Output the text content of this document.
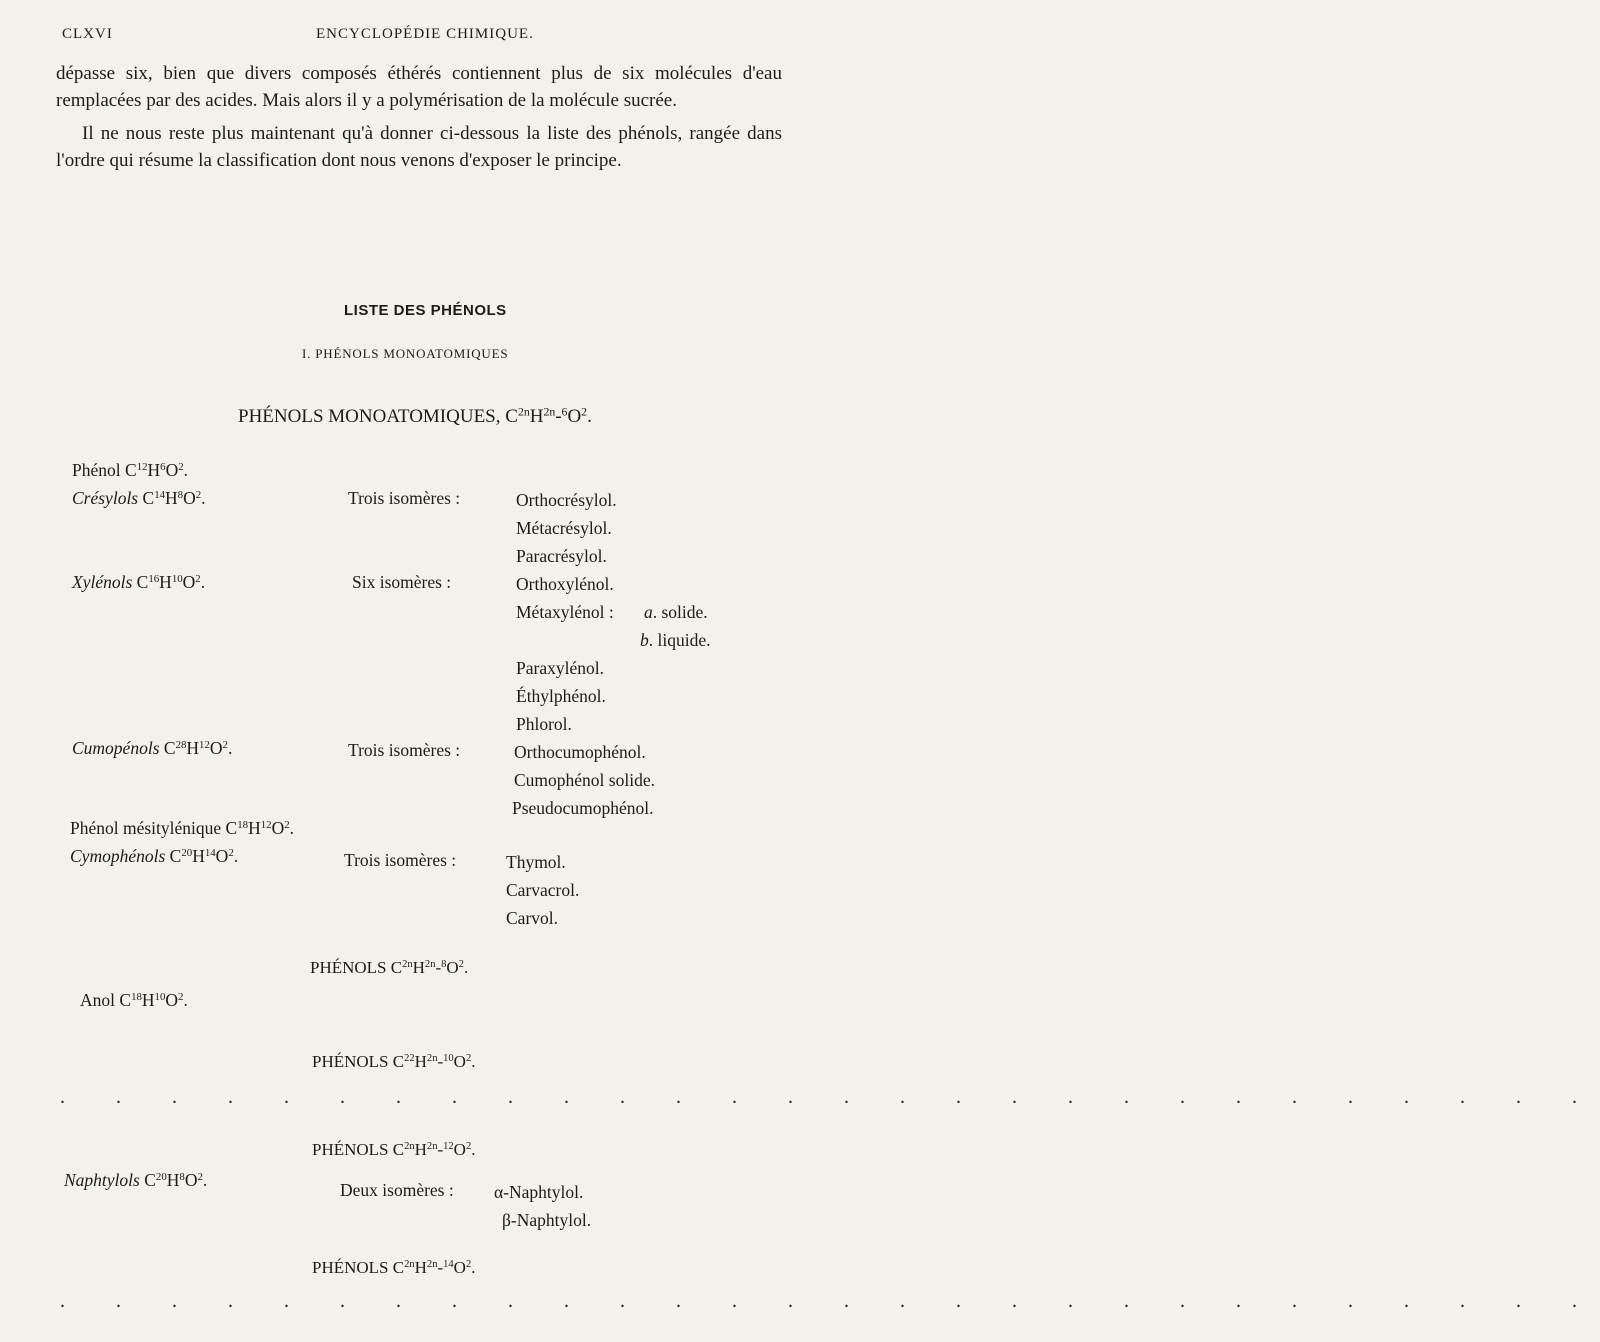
CLXVI	ENCYCLOPÉDIE CHIMIQUE.

dépasse six, bien que divers composés éthérés contiennent plus de six molécules d'eau remplacées par des acides. Mais alors il y a polymérisation de la molécule sucrée.

Il ne nous reste plus maintenant qu'à donner ci-dessous la liste des phénols, rangée dans l'ordre qui résume la classification dont nous venons d'exposer le principe.

LISTE DES PHÉNOLS
I. PHÉNOLS MONOATOMIQUES
PHÉNOLS MONOATOMIQUES, $C^{2n}H^{2n}-^6O^2$.
Phénol $C^{12}H^6O^2$.
Crésylols $C^{14}H^8O^2$.	Trois isomères :	Orthocrésylol.
Métacrésylol.
Paracrésylol.
Xylénols $C^{16}H^{10}O^2$.	Six isomères :	Orthoxylénol.
Métaxylénol : a. solide.
b. liquide.
Paraxylénol.
Éthylphénol.
Phlorol.
Cumopénols $C^{28}H^{12}O^2$.	Trois isomères :	Orthocumophénol.
Cumophénol solide.
Pseudocumophénol.
Phénol mésitylénique $C^{18}H^{12}O^2$.
Cymophénols $C^{20}H^{14}O^2$.	Trois isomères :	Thymol.
Carvacrol.
Carvol.
PHÉNOLS $C^{2n}H^{2n}-^8O^2$.
Anol $C^{18}H^{10}O^2$.
PHÉNOLS $C^{22}H^{2n}-^{10}O^2$.
. . . . . . . . . . . . . . . . . . . . . . . . . . . .
PHÉNOLS $C^{2n}H^{2n}-^{12}O^2$.
Naphtylols $C^{20}H^8O^2$.	Deux isomères : α-Naphtylol.
β-Naphtylol.
PHÉNOLS $C^{2n}H^{2n}-^{14}O^2$.
. . . . . . . . . . . . . . . . . . . . . . . . . . . .
